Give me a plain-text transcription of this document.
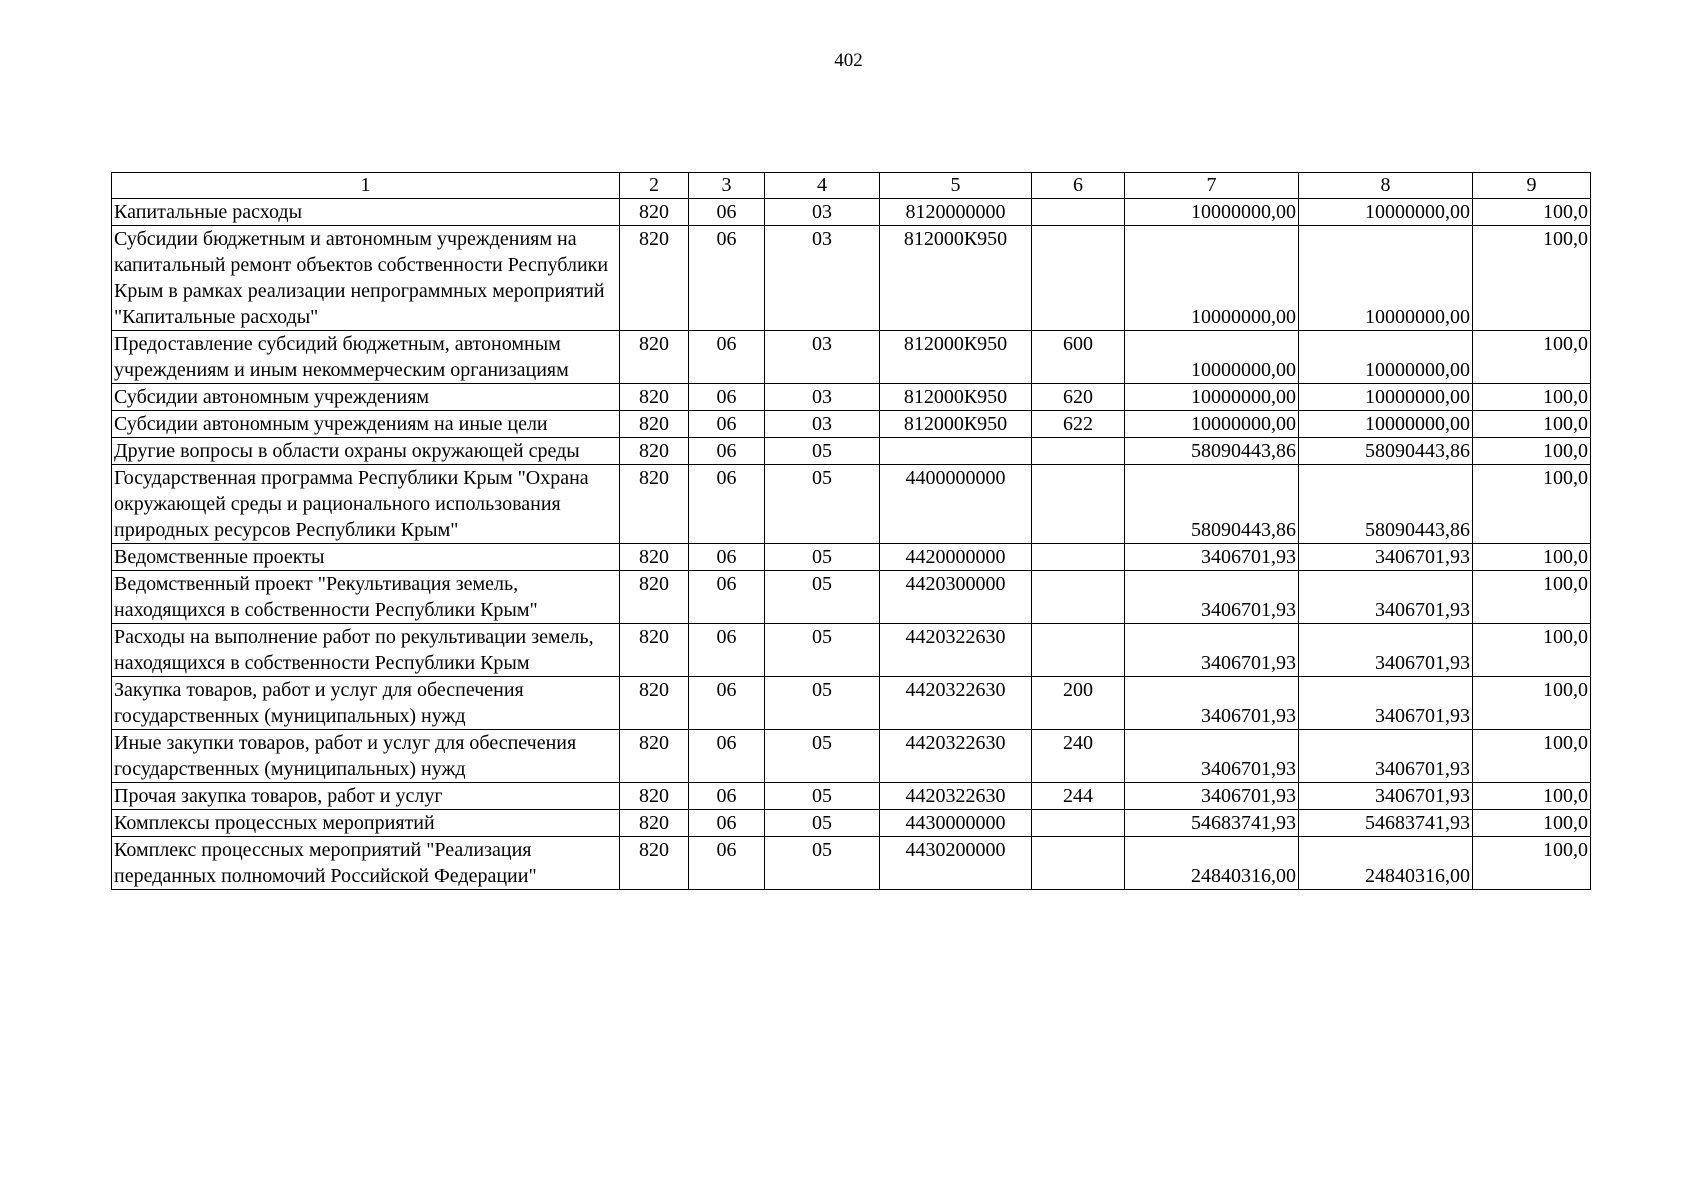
402
1	2	3	4	5	6	7	8	9
Капитальные расходы	820	06	03	8120000000		10000000,00	10000000,00	100,0
Субсидии бюджетным и автономным учреждениям на капитальный ремонт объектов собственности Республики Крым в рамках реализации непрограммных мероприятий "Капитальные расходы"	820	06	03	812000К950		10000000,00	10000000,00	100,0
Предоставление субсидий бюджетным, автономным учреждениям и иным некоммерческим организациям	820	06	03	812000К950	600	10000000,00	10000000,00	100,0
Субсидии автономным учреждениям	820	06	03	812000К950	620	10000000,00	10000000,00	100,0
Субсидии автономным учреждениям на иные цели	820	06	03	812000К950	622	10000000,00	10000000,00	100,0
Другие вопросы в области охраны окружающей среды	820	06	05			58090443,86	58090443,86	100,0
Государственная программа Республики Крым "Охрана окружающей среды и рационального использования природных ресурсов Республики Крым"	820	06	05	4400000000		58090443,86	58090443,86	100,0
Ведомственные проекты	820	06	05	4420000000		3406701,93	3406701,93	100,0
Ведомственный проект "Рекультивация земель, находящихся в собственности Республики Крым"	820	06	05	4420300000		3406701,93	3406701,93	100,0
Расходы на выполнение работ по рекультивации земель, находящихся в собственности Республики Крым	820	06	05	4420322630		3406701,93	3406701,93	100,0
Закупка товаров, работ и услуг для обеспечения государственных (муниципальных) нужд	820	06	05	4420322630	200	3406701,93	3406701,93	100,0
Иные закупки товаров, работ и услуг для обеспечения государственных (муниципальных) нужд	820	06	05	4420322630	240	3406701,93	3406701,93	100,0
Прочая закупка товаров, работ и услуг	820	06	05	4420322630	244	3406701,93	3406701,93	100,0
Комплексы процессных мероприятий	820	06	05	4430000000		54683741,93	54683741,93	100,0
Комплекс процессных мероприятий "Реализация переданных полномочий Российской Федерации"	820	06	05	4430200000		24840316,00	24840316,00	100,0
